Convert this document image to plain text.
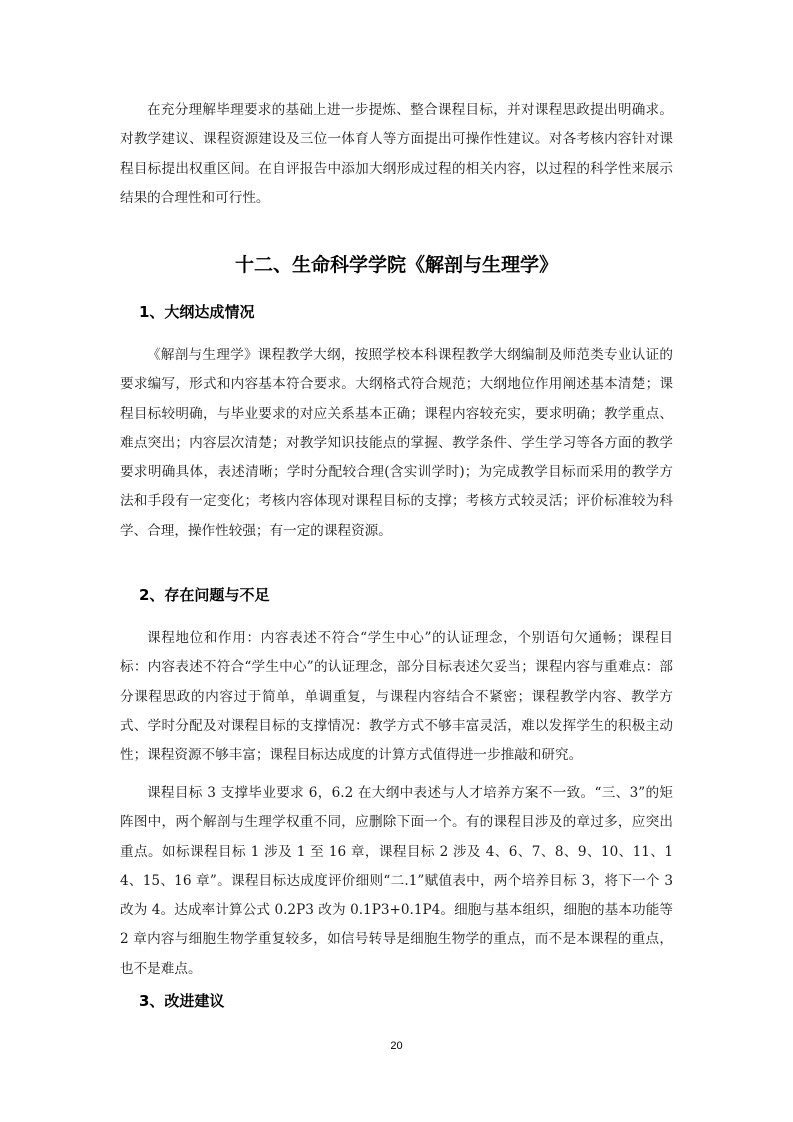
在充分理解毕理要求的基础上进一步提炼、整合课程目标，并对课程思政提出明确求。对教学建议、课程资源建设及三位一体育人等方面提出可操作性建议。对各考核内容针对课程目标提出权重区间。在自评报告中添加大纲形成过程的相关内容，以过程的科学性来展示结果的合理性和可行性。

十二、生命科学学院《解剖与生理学》
1、大纲达成情况

《解剖与生理学》课程教学大纲，按照学校本科课程教学大纲编制及师范类专业认证的要求编写，形式和内容基本符合要求。大纲格式符合规范；大纲地位作用阐述基本清楚；课程目标较明确，与毕业要求的对应关系基本正确；课程内容较充实，要求明确；教学重点、难点突出；内容层次清楚；对教学知识技能点的掌握、教学条件、学生学习等各方面的教学要求明确具体，表述清晰；学时分配较合理(含实训学时)；为完成教学目标而采用的教学方法和手段有一定变化；考核内容体现对课程目标的支撑；考核方式较灵活；评价标准较为科学、合理，操作性较强；有一定的课程资源。

2、存在问题与不足

课程地位和作用：内容表述不符合“学生中心”的认证理念，个别语句欠通畅；课程目标：内容表述不符合“学生中心”的认证理念，部分目标表述欠妥当；课程内容与重难点：部分课程思政的内容过于简单，单调重复，与课程内容结合不紧密；课程教学内容、教学方式、学时分配及对课程目标的支撑情况：教学方式不够丰富灵活，难以发挥学生的积极主动性；课程资源不够丰富；课程目标达成度的计算方式值得进一步推敲和研究。

课程目标 3 支撑毕业要求 6，6.2 在大纲中表述与人才培养方案不一致。“三、3”的矩阵图中，两个解剖与生理学权重不同，应删除下面一个。有的课程目涉及的章过多，应突出重点。如标课程目标 1 涉及 1 至 16 章，课程目标 2 涉及 4、6、7、8、9、10、11、14、15、16 章”。课程目标达成度评价细则“二.1”赋值表中，两个培养目标 3，将下一个 3 改为 4。达成率计算公式 0.2P3 改为 0.1P3+0.1P4。细胞与基本组织，细胞的基本功能等 2 章内容与细胞生物学重复较多，如信号转导是细胞生物学的重点，而不是本课程的重点，也不是难点。

3、改进建议
20
